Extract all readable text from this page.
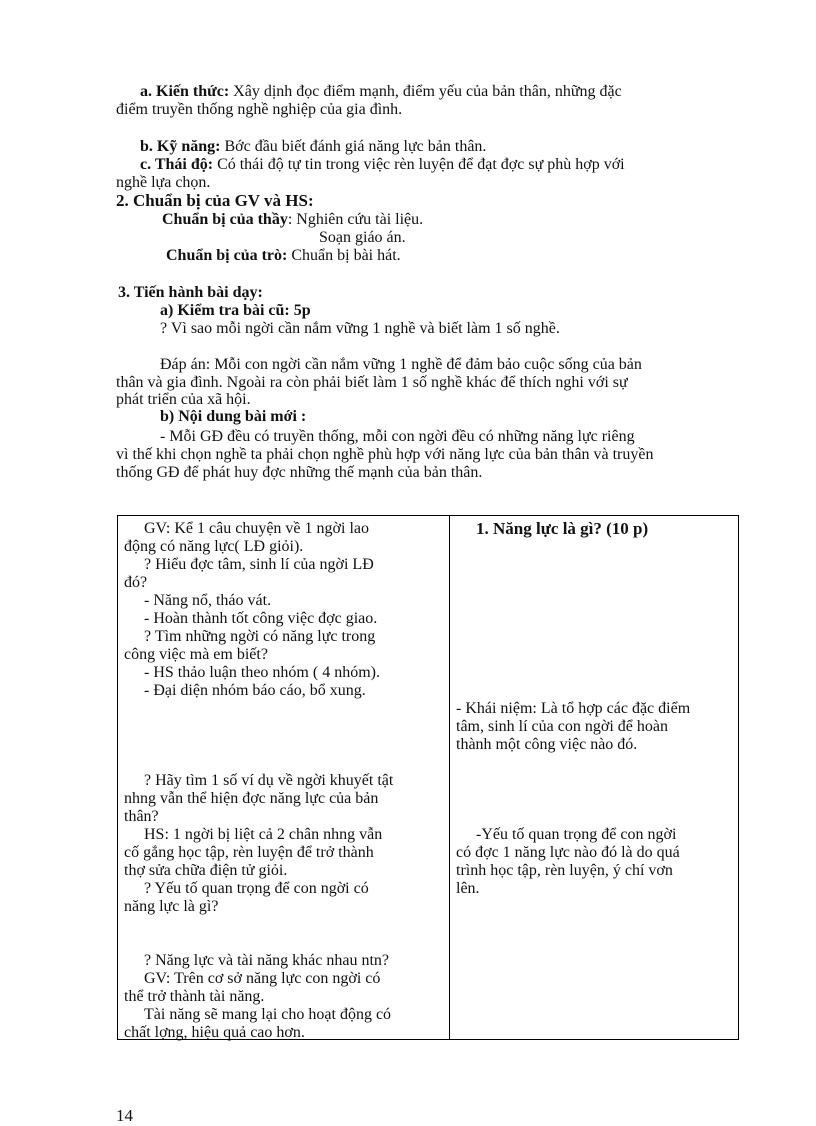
a. Kiến thức: Xây dịnh đọc điểm mạnh, điểm yếu của bản thân, những đặc
điểm truyền thống nghề nghiệp của gia đình.
b. Kỹ năng: Bớc đầu biết đánh giá năng lực bản thân.
c. Thái độ: Có thái độ tự tin trong việc rèn luyện để đạt đợc sự phù hợp với
nghề lựa chọn.
2. Chuẩn bị của GV và HS:
Chuẩn bị của thầy: Nghiên cứu tài liệu.
Soạn giáo án.
Chuẩn bị của trò: Chuẩn bị bài hát.
3. Tiến hành bài dạy:
a) Kiểm tra bài cũ: 5p
? Vì sao mỗi ngời cần nắm vững 1 nghề và biết làm 1 số nghề.
Đáp án: Mỗi con ngời cần nắm vững 1 nghề để đảm bảo cuộc sống của bản
thân và gia đình. Ngoài ra còn phải biết làm 1 số nghề khác để thích nghi với sự
phát triển của xã hội.
b) Nội dung bài mới :
- Mỗi GĐ đều có truyền thống, mỗi con ngời đều có những năng lực riêng
vì thế khi chọn nghề ta phải chọn nghề phù hợp với năng lực của bản thân và truyền
thống GĐ để phát huy đợc những thế mạnh của bản thân.
GV: Kể 1 câu chuyện về 1 ngời lao
động có năng lực( LĐ giỏi).
? Hiểu đợc tâm, sinh lí của ngời LĐ
đó?
- Năng nổ, tháo vát.
- Hoàn thành tốt công việc đợc giao.
? Tìm những ngời có năng lực trong
công việc mà em biết?
- HS thảo luận theo nhóm ( 4 nhóm).
- Đại diện nhóm báo cáo, bổ xung.
? Hãy tìm 1 số ví dụ về ngời khuyết tật
nhng vẫn thể hiện đợc năng lực của bản
thân?
HS: 1 ngời bị liệt cả 2 chân nhng vẫn
cố gắng học tập, rèn luyện để trở thành
thợ sửa chữa điện tử giỏi.
? Yếu tố quan trọng để con ngời có
năng lực là gì?
? Năng lực và tài năng khác nhau ntn?
GV: Trên cơ sở năng lực con ngời có
thể trở thành tài năng.
Tài năng sẽ mang lại cho hoạt động có
chất lợng, hiệu quả cao hơn.
1. Năng lực là gì? (10 p)
- Khái niệm: Là tổ hợp các đặc điểm
tâm, sinh lí của con ngời để hoàn
thành một công việc nào đó.
-Yếu tố quan trọng để con ngời
có đợc 1 năng lực nào đó là do quá
trình học tập, rèn luyện, ý chí vơn
lên.
14
